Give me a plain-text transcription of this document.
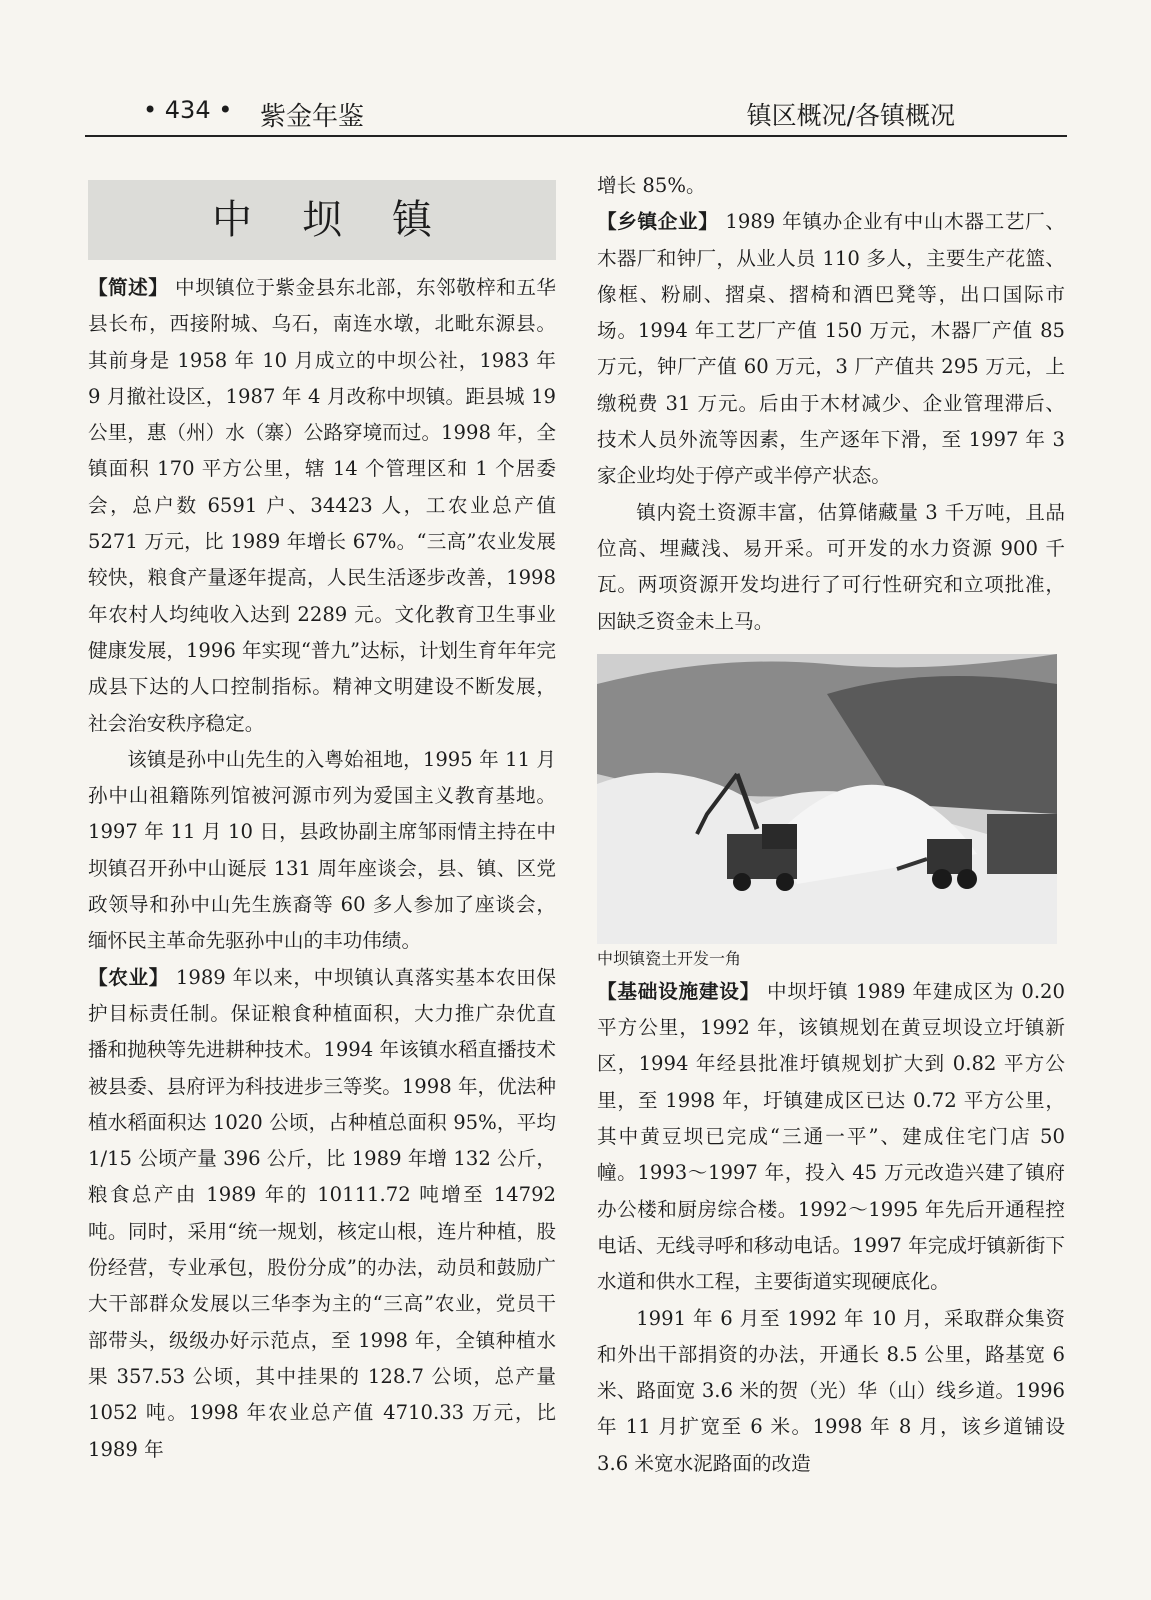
• 434 • 紫金年鉴	镇区概况/各镇概况
中坝镇

【简述】 中坝镇位于紫金县东北部，东邻敬梓和五华县长布，西接附城、乌石，南连水墩，北毗东源县。其前身是 1958 年 10 月成立的中坝公社，1983 年 9 月撤社设区，1987 年 4 月改称中坝镇。距县城 19 公里，惠（州）水（寨）公路穿境而过。1998 年，全镇面积 170 平方公里，辖 14 个管理区和 1 个居委会，总户数 6591 户、34423 人，工农业总产值 5271 万元，比 1989 年增长 67%。“三高”农业发展较快，粮食产量逐年提高，人民生活逐步改善，1998 年农村人均纯收入达到 2289 元。文化教育卫生事业健康发展，1996 年实现“普九”达标，计划生育年年完成县下达的人口控制指标。精神文明建设不断发展，社会治安秩序稳定。

该镇是孙中山先生的入粤始祖地，1995 年 11 月孙中山祖籍陈列馆被河源市列为爱国主义教育基地。1997 年 11 月 10 日，县政协副主席邹雨情主持在中坝镇召开孙中山诞辰 131 周年座谈会，县、镇、区党政领导和孙中山先生族裔等 60 多人参加了座谈会，缅怀民主革命先驱孙中山的丰功伟绩。

【农业】 1989 年以来，中坝镇认真落实基本农田保护目标责任制。保证粮食种植面积，大力推广杂优直播和抛秧等先进耕种技术。1994 年该镇水稻直播技术被县委、县府评为科技进步三等奖。1998 年，优法种植水稻面积达 1020 公顷，占种植总面积 95%，平均 1/15 公顷产量 396 公斤，比 1989 年增 132 公斤，粮食总产由 1989 年的 10111.72 吨增至 14792 吨。同时，采用“统一规划，核定山根，连片种植，股份经营，专业承包，股份分成”的办法，动员和鼓励广大干部群众发展以三华李为主的“三高”农业，党员干部带头，级级办好示范点，至 1998 年，全镇种植水果 357.53 公顷，其中挂果的 128.7 公顷，总产量 1052 吨。1998 年农业总产值 4710.33 万元，比 1989 年

增长 85%。

【乡镇企业】 1989 年镇办企业有中山木器工艺厂、木器厂和钟厂，从业人员 110 多人，主要生产花篮、像框、粉刷、摺桌、摺椅和酒巴凳等，出口国际市场。1994 年工艺厂产值 150 万元，木器厂产值 85 万元，钟厂产值 60 万元，3 厂产值共 295 万元，上缴税费 31 万元。后由于木材减少、企业管理滞后、技术人员外流等因素，生产逐年下滑，至 1997 年 3 家企业均处于停产或半停产状态。

镇内瓷土资源丰富，估算储藏量 3 千万吨，且品位高、埋藏浅、易开采。可开发的水力资源 900 千瓦。两项资源开发均进行了可行性研究和立项批准，因缺乏资金未上马。

中坝镇瓷土开发一角

【基础设施建设】 中坝圩镇 1989 年建成区为 0.20 平方公里，1992 年，该镇规划在黄豆坝设立圩镇新区，1994 年经县批准圩镇规划扩大到 0.82 平方公里，至 1998 年，圩镇建成区已达 0.72 平方公里，其中黄豆坝已完成“三通一平”、建成住宅门店 50 幢。1993～1997 年，投入 45 万元改造兴建了镇府办公楼和厨房综合楼。1992～1995 年先后开通程控电话、无线寻呼和移动电话。1997 年完成圩镇新街下水道和供水工程，主要街道实现硬底化。

1991 年 6 月至 1992 年 10 月，采取群众集资和外出干部捐资的办法，开通长 8.5 公里，路基宽 6 米、路面宽 3.6 米的贺（光）华（山）线乡道。1996 年 11 月扩宽至 6 米。1998 年 8 月，该乡道铺设 3.6 米宽水泥路面的改造
